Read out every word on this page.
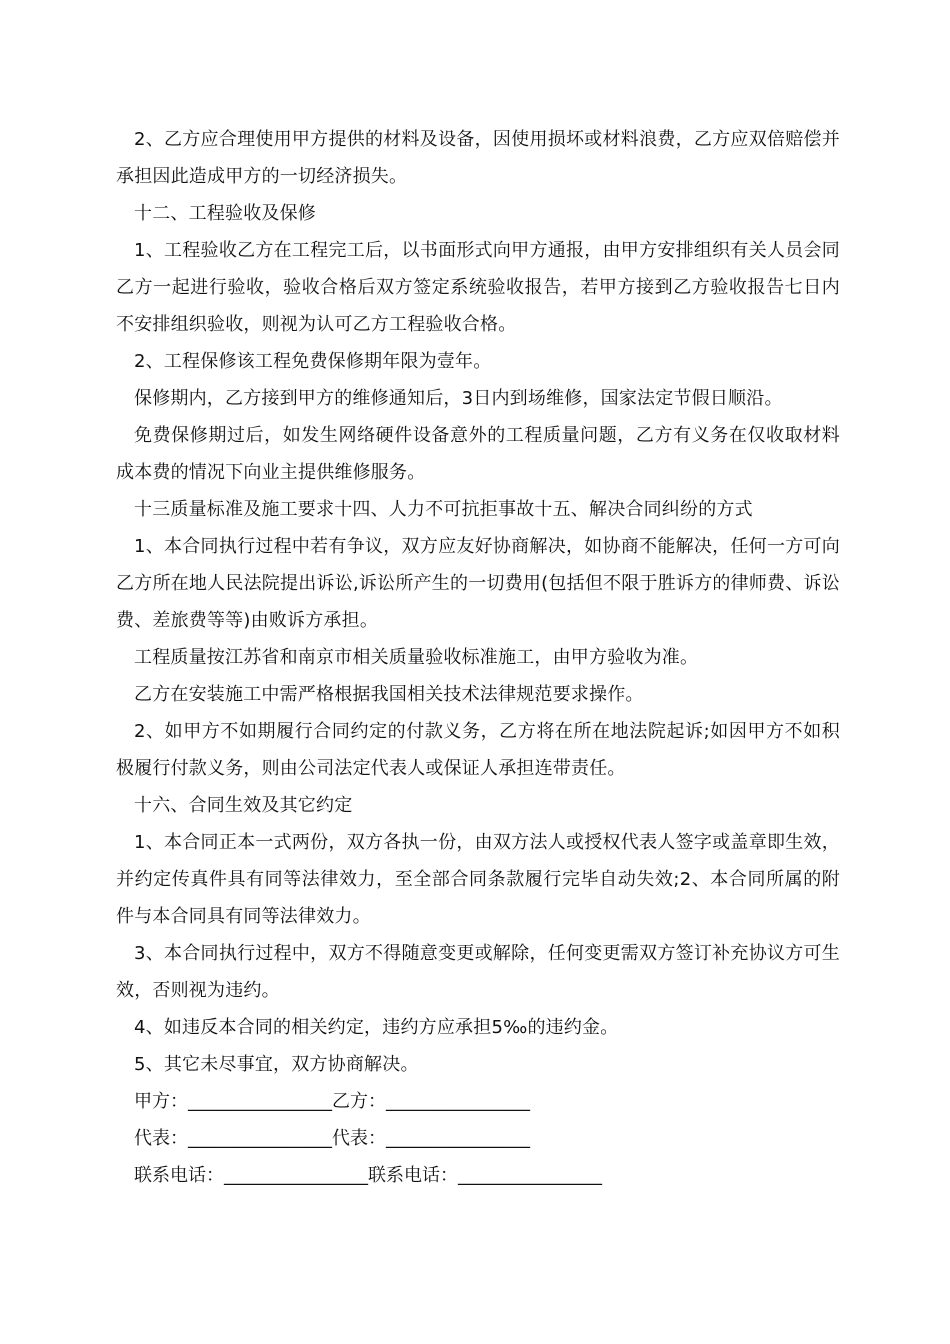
2、乙方应合理使用甲方提供的材料及设备，因使用损坏或材料浪费，乙方应双倍赔偿并承担因此造成甲方的一切经济损失。

十二、工程验收及保修

1、工程验收乙方在工程完工后，以书面形式向甲方通报，由甲方安排组织有关人员会同乙方一起进行验收，验收合格后双方签定系统验收报告，若甲方接到乙方验收报告七日内不安排组织验收，则视为认可乙方工程验收合格。

2、工程保修该工程免费保修期年限为壹年。

保修期内，乙方接到甲方的维修通知后，3日内到场维修，国家法定节假日顺沿。

免费保修期过后，如发生网络硬件设备意外的工程质量问题，乙方有义务在仅收取材料成本费的情况下向业主提供维修服务。

十三质量标准及施工要求十四、人力不可抗拒事故十五、解决合同纠纷的方式

1、本合同执行过程中若有争议，双方应友好协商解决，如协商不能解决，任何一方可向乙方所在地人民法院提出诉讼,诉讼所产生的一切费用(包括但不限于胜诉方的律师费、诉讼费、差旅费等等)由败诉方承担。

工程质量按江苏省和南京市相关质量验收标准施工，由甲方验收为准。

乙方在安装施工中需严格根据我国相关技术法律规范要求操作。

2、如甲方不如期履行合同约定的付款义务，乙方将在所在地法院起诉;如因甲方不如积极履行付款义务，则由公司法定代表人或保证人承担连带责任。

十六、合同生效及其它约定

1、本合同正本一式两份，双方各执一份，由双方法人或授权代表人签字或盖章即生效，并约定传真件具有同等法律效力，至全部合同条款履行完毕自动失效;2、本合同所属的附件与本合同具有同等法律效力。

3、本合同执行过程中，双方不得随意变更或解除，任何变更需双方签订补充协议方可生效，否则视为违约。

4、如违反本合同的相关约定，违约方应承担5‰的违约金。

5、其它未尽事宜，双方协商解决。

甲方：________________乙方：________________

代表：________________代表：________________

联系电话：________________联系电话：________________
